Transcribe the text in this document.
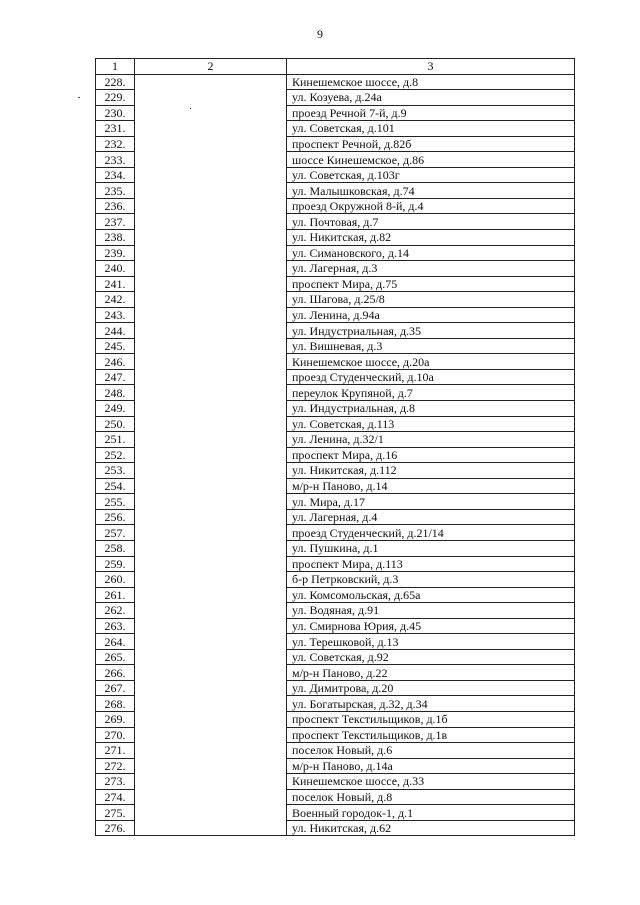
9
1	2	3
228.		Кинешемское шоссе, д.8
229.		ул. Козуева, д.24а
230.		проезд Речной 7-й, д.9
231.		ул. Советская, д.101
232.		проспект Речной, д.82б
233.		шоссе Кинешемское, д.86
234.		ул. Советская, д.103г
235.		ул. Малышковская, д.74
236.		проезд Окружной 8-й, д.4
237.		ул. Почтовая, д.7
238.		ул. Никитская, д.82
239.		ул. Симановского, д.14
240.		ул. Лагерная, д.3
241.		проспект Мира, д.75
242.		ул. Шагова, д.25/8
243.		ул. Ленина, д.94а
244.		ул. Индустриальная, д.35
245.		ул. Вишневая, д.3
246.		Кинешемское шоссе, д.20а
247.		проезд Студенческий, д.10а
248.		переулок Крупяной, д.7
249.		ул. Индустриальная, д.8
250.		ул. Советская, д.113
251.		ул. Ленина, д.32/1
252.		проспект Мира, д.16
253.		ул. Никитская, д.112
254.		м/р-н Паново, д.14
255.		ул. Мира, д.17
256.		ул. Лагерная, д.4
257.		проезд Студенческий, д.21/14
258.		ул. Пушкина, д.1
259.		проспект Мира, д.113
260.		б-р Петрковский, д.3
261.		ул. Комсомольская, д.65а
262.		ул. Водяная, д.91
263.		ул. Смирнова Юрия, д.45
264.		ул. Терешковой, д.13
265.		ул. Советская, д.92
266.		м/р-н Паново, д.22
267.		ул. Димитрова, д.20
268.		ул. Богатырская, д.32, д.34
269.		проспект Текстильщиков, д.1б
270.		проспект Текстильщиков, д.1в
271.		поселок Новый, д.6
272.		м/р-н Паново, д.14а
273.		Кинешемское шоссе, д.33
274.		поселок Новый, д.8
275.		Военный городок-1, д.1
276.		ул. Никитская, д.62
